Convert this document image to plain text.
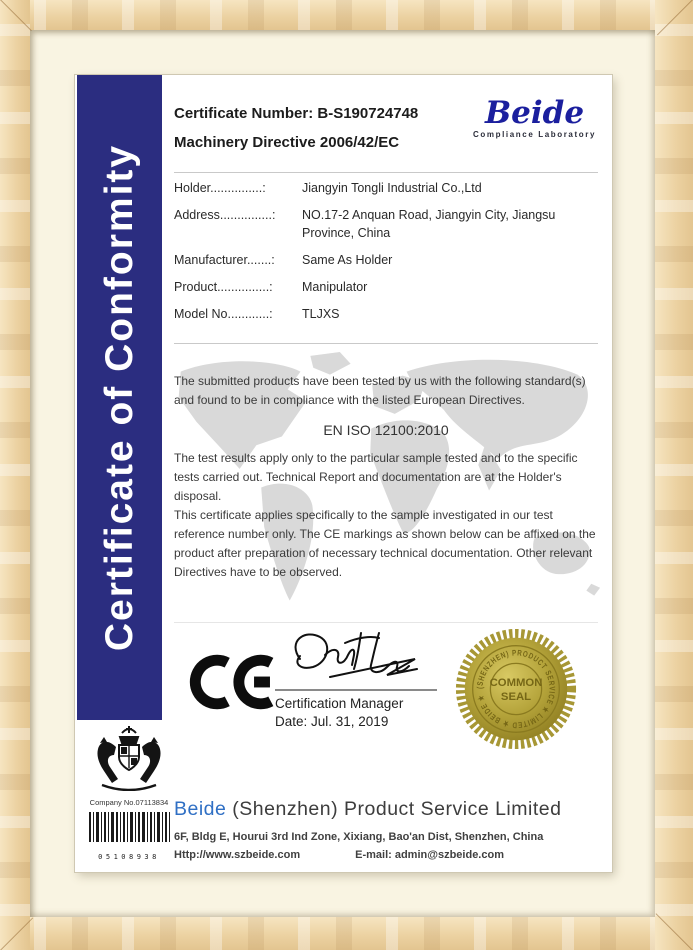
Certificate of Conformity
Certificate Number: B-S190724748
Machinery Directive 2006/42/EC
Beide
Compliance Laboratory
Holder...............:	Jiangyin Tongli Industrial Co.,Ltd
Address...............:	NO.17-2 Anquan Road, Jiangyin City, Jiangsu Province, China
Manufacturer.......:	Same As Holder
Product...............:	Manipulator
Model No............:	TLJXS
The submitted products have been tested by us with the following standard(s) and found to be in compliance with the listed European Directives.
EN ISO 12100:2010
The test results apply only to the particular sample tested and to the specific tests carried out. Technical Report and documentation are at the Holder's disposal.
This certificate applies specifically to the sample investigated in our test reference number only. The CE markings as shown below can be affixed on the product after preparation of necessary technical documentation. Other relevant Directives have to be observed.
Certification Manager
Date: Jul. 31, 2019
(SHENZHEN) PRODUCT SERVICE ★ LIMITED ★ BEIDE ★
COMMON
SEAL
Company No.07113834
05108938
Beide (Shenzhen) Product Service Limited
6F, Bldg E, Hourui 3rd Ind Zone, Xixiang, Bao'an Dist, Shenzhen, China
Http://www.szbeide.com	E-mail: admin@szbeide.com
